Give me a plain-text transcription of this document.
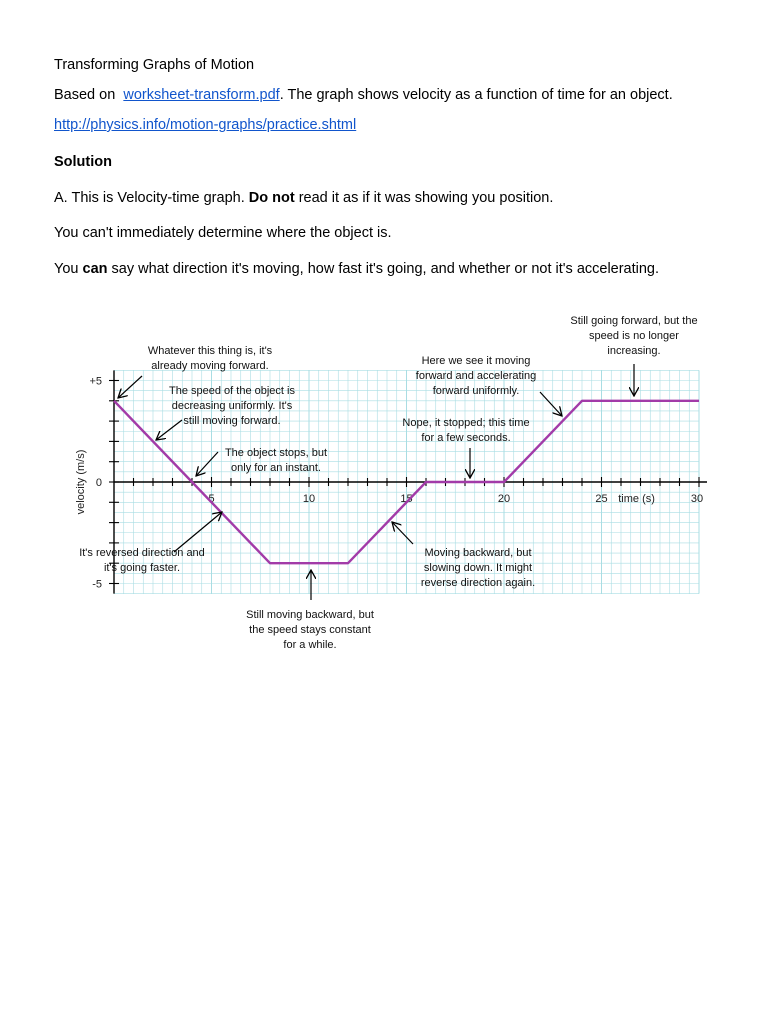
Transforming Graphs of Motion
Based on worksheet-transform.pdf. The graph shows velocity as a function of time for an object.
http://physics.info/motion-graphs/practice.shtml
Solution
A. This is Velocity-time graph. Do not read it as if it was showing you position.
You can't immediately determine where the object is.
You can say what direction it's moving, how fast it's going, and whether or not it's accelerating.
5	10	15	20	25	30
+5
0
-5
time (s)
velocity (m/s)
Whatever this thing is, it's already moving forward.
The speed of the object is decreasing uniformly. It's still moving forward.
The object stops, but only for an instant.
It's reversed direction and it's going faster.
Still moving backward, but the speed stays constant for a while.
Moving backward, but slowing down. It might reverse direction again.
Nope, it stopped; this time for a few seconds.
Here we see it moving forward and accelerating forward uniformly.
Still going forward, but the speed is no longer increasing.
